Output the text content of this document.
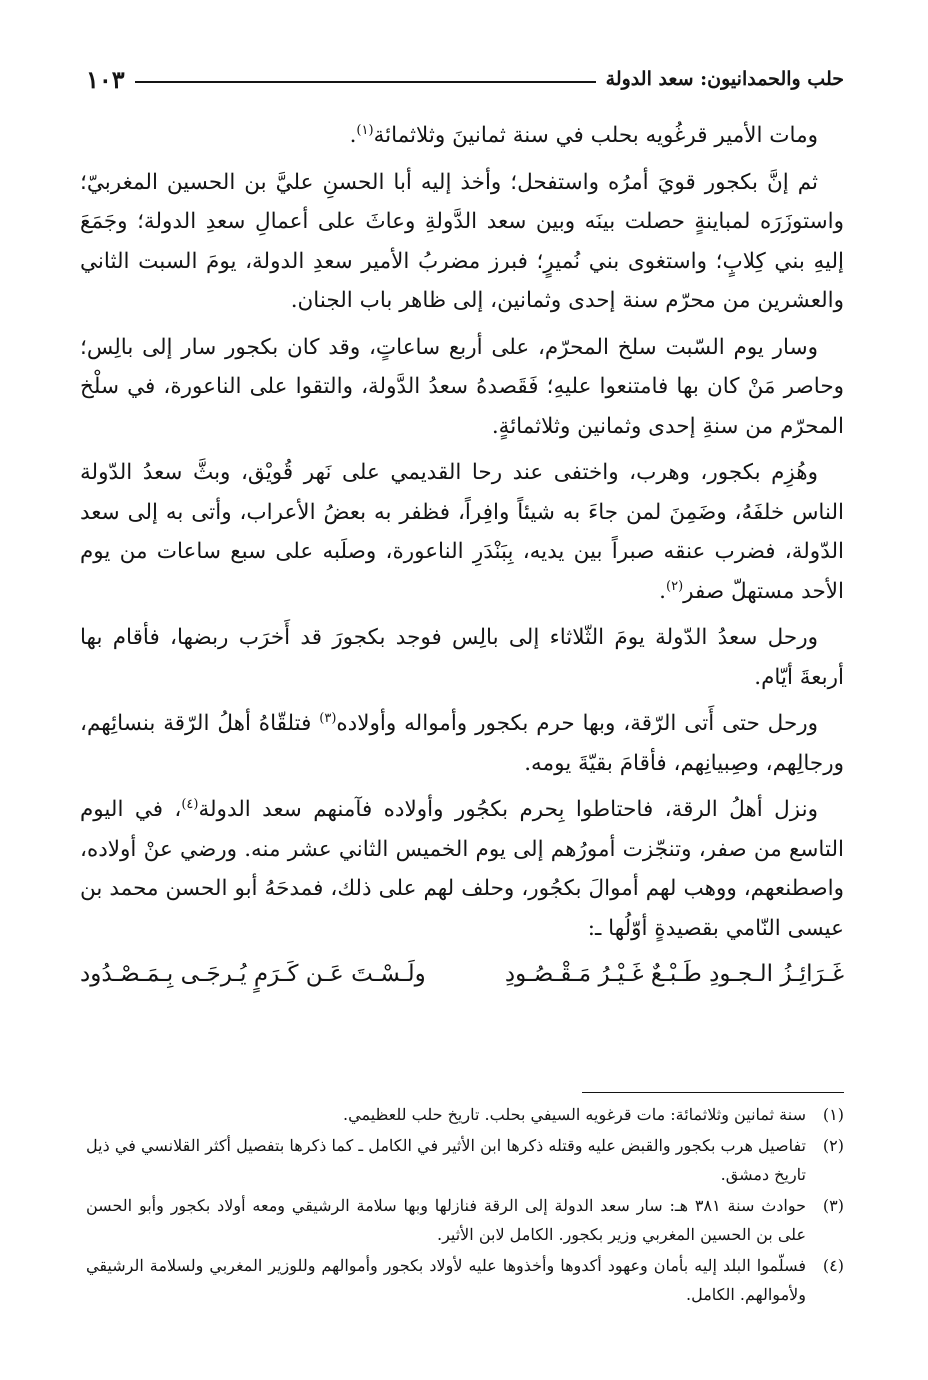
حلب والحمدانيون: سعد الدولة
١٠٣

ومات الأمير قرغُويه بحلب في سنة ثمانينَ وثلاثمائة$^{(١)}$.

ثم إنَّ بكجور قويَ أمرُه واستفحل؛ وأخذ إليه أبا الحسنِ عليَّ بن الحسين المغربيّ؛ واستوزَرَه لمباينةٍ حصلت بينَه وبين سعد الدَّولةِ وعاثَ على أعمالِ سعدِ الدولة؛ وجَمَعَ إليهِ بني كِلابٍ؛ واستغوى بني نُميرٍ؛ فبرز مضربُ الأمير سعدِ الدولة، يومَ السبت الثاني والعشرين من محرّم سنة إحدى وثمانين، إلى ظاهر باب الجنان.

وسار يوم السّبت سلخ المحرّم، على أربع ساعاتٍ، وقد كان بكجور سار إلى بالِس؛ وحاصر مَنْ كان بها فامتنعوا عليهِ؛ فَقَصدهُ سعدُ الدَّولة، والتقوا على الناعورة، في سلْخ المحرّم من سنةِ إحدى وثمانين وثلاثمائةٍ.

وهُزِم بكجور، وهرب، واختفى عند رحا القديمي على نَهر قُويْق، وبثَّ سعدُ الدّولة الناس خلفَهُ، وضَمِنَ لمن جاءَ به شيئاً وافِراً، فظفر به بعضُ الأعراب، وأتى به إلى سعد الدّولة، فضرب عنقه صبراً بين يديه، بِبَنْدَرِ الناعورة، وصلَبه على سبع ساعات من يوم الأحد مستهلّ صفر$^{(٢)}$.

ورحل سعدُ الدّولة يومَ الثّلاثاء إلى بالِس فوجد بكجورَ قد أَخرَب ربضها، فأقام بها أربعةَ أيّام.

ورحل حتى أَتى الرّقة، وبها حرم بكجور وأمواله وأولاده$^{(٣)}$ فتلقّاهُ أهلُ الرّقة بنسائِهم، ورجالِهم، وصِبيانِهم، فأقامَ بقيّةَ يومه.

ونزل أهلُ الرقة، فاحتاطوا بِحرم بكجُور وأولاده فآمنهم سعد الدولة$^{(٤)}$، في اليوم التاسع من صفر، وتنجّزت أمورُهم إلى يوم الخميس الثاني عشر منه. ورضي عنْ أولاده، واصطنعهم، ووهب لهم أموالَ بكجُور، وحلف لهم على ذلك، فمدحَهُ أبو الحسن محمد بن عيسى النّامي بقصيدةٍ أوّلُها ـ:

غَـرَائِـزُ الـجـودِ طَـبْـعٌ غَـيْـرُ مَـقْـصُـودِ
ولَـسْـتَ عَـن كَـرَمٍ يُـرجَـى بِـمَـصْـدُود
(١)
سنة ثمانين وثلاثمائة: مات قرغويه السيفي بحلب. تاريخ حلب للعظيمي.
(٢)
تفاصيل هرب بكجور والقبض عليه وقتله ذكرها ابن الأثير في الكامل ـ كما ذكرها بتفصيل أكثر القلانسي في ذيل تاريخ دمشق.
(٣)
حوادث سنة ٣٨١ هـ: سار سعد الدولة إلى الرقة فنازلها وبها سلامة الرشيقي ومعه أولاد بكجور وأبو الحسن على بن الحسين المغربي وزير بكجور. الكامل لابن الأثير.
(٤)
فسلّموا البلد إليه بأمان وعهود أكدوها وأخذوها عليه لأولاد بكجور وأموالهم وللوزير المغربي ولسلامة الرشيقي ولأموالهم. الكامل.
